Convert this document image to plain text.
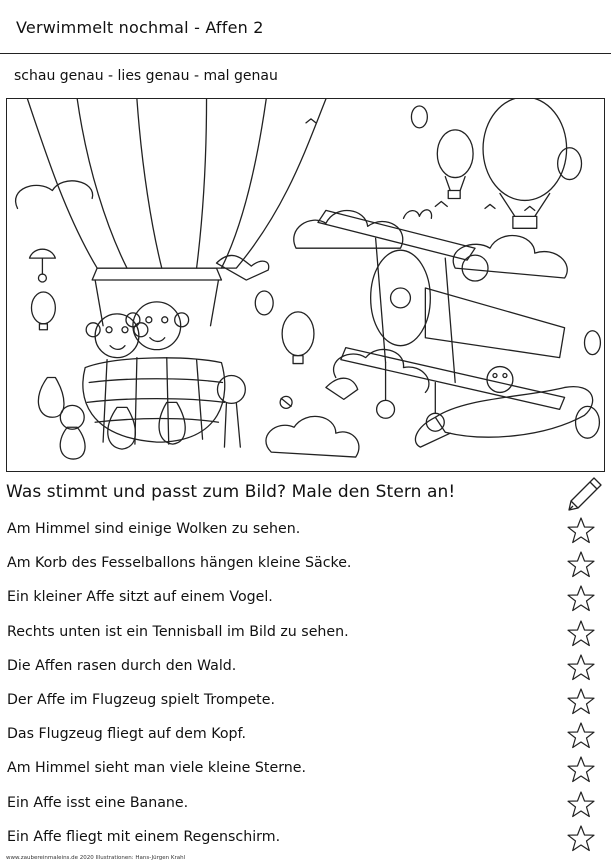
Verwimmelt nochmal - Affen 2
schau genau - lies genau - mal genau
Was stimmt und passt zum Bild? Male den Stern an!
Am Himmel sind einige Wolken zu sehen.
Am Korb des Fesselballons hängen kleine Säcke.
Ein kleiner Affe sitzt auf einem Vogel.
Rechts unten ist ein Tennisball im Bild zu sehen.
Die Affen rasen durch den Wald.
Der Affe im Flugzeug spielt Trompete.
Das Flugzeug fliegt auf dem Kopf.
Am Himmel sieht man viele kleine Sterne.
Ein Affe isst eine Banane.
Ein Affe fliegt mit einem Regenschirm.
www.zaubereinmaleins.de 2020 Illustrationen: Hans-Jürgen Krahl
